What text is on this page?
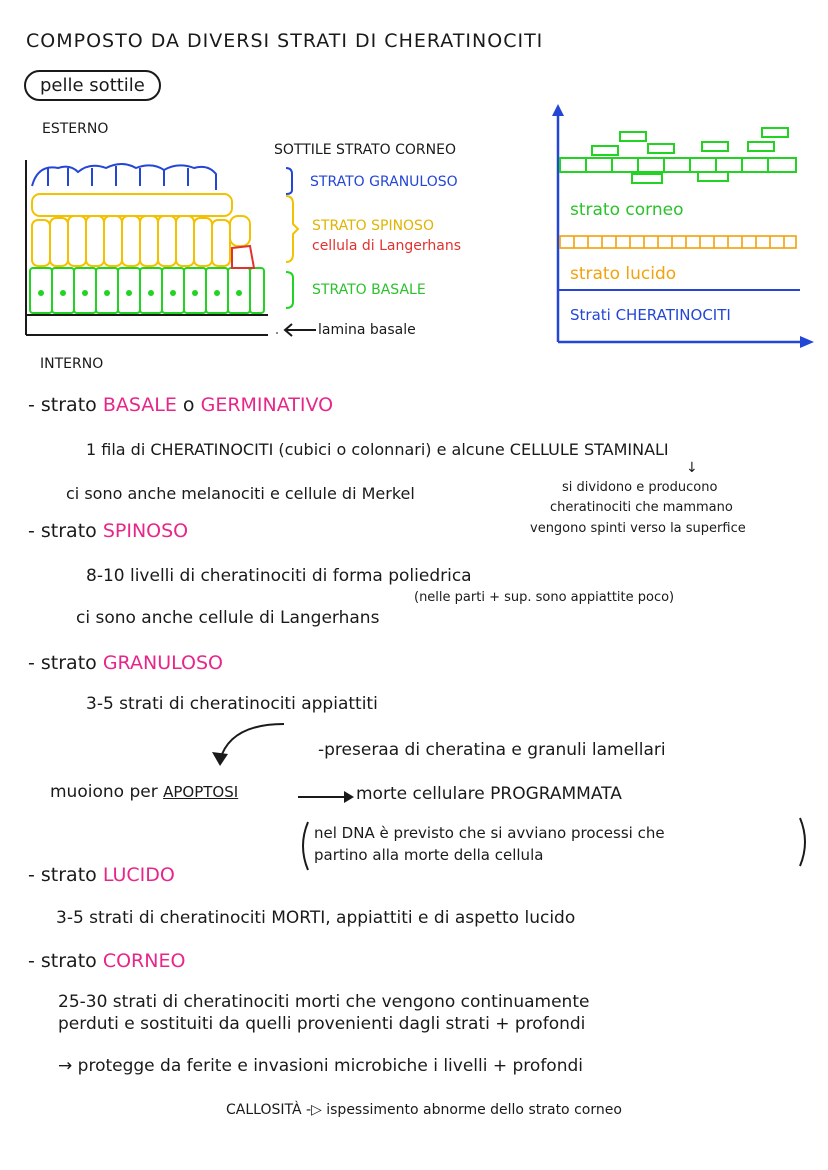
COMPOSTO DA DIVERSI STRATI DI CHERATINOCITI
pelle sottile
ESTERNO
INTERNO
SOTTILE STRATO CORNEO
STRATO GRANULOSO
STRATO SPINOSO
cellula di Langerhans
STRATO BASALE
lamina basale
strato corneo
strato lucido
Strati CHERATINOCITI
- strato BASALE o GERMINATIVO
1 fila di CHERATINOCITI (cubici o colonnari) e alcune CELLULE STAMINALI
↓
ci sono anche melanociti e cellule di Merkel	si dividono e producono
cheratinociti che mammano
vengono spinti verso la superfice
- strato SPINOSO
8-10 livelli di cheratinociti di forma poliedrica
(nelle parti + sup. sono appiattite poco)
ci sono anche cellule di Langerhans
- strato GRANULOSO
3-5 strati di cheratinociti appiattiti
-preseraa di cheratina e granuli lamellari
muoiono per APOPTOSI	morte cellulare PROGRAMMATA
nel DNA è previsto che si avviano processi che
partino alla morte della cellula
- strato LUCIDO
3-5 strati di cheratinociti MORTI, appiattiti e di aspetto lucido
- strato CORNEO
25-30 strati di cheratinociti morti che vengono continuamente
perduti e sostituiti da quelli provenienti dagli strati + profondi
→ protegge da ferite e invasioni microbiche i livelli + profondi
CALLOSITÀ -▷ ispessimento abnorme dello strato corneo
